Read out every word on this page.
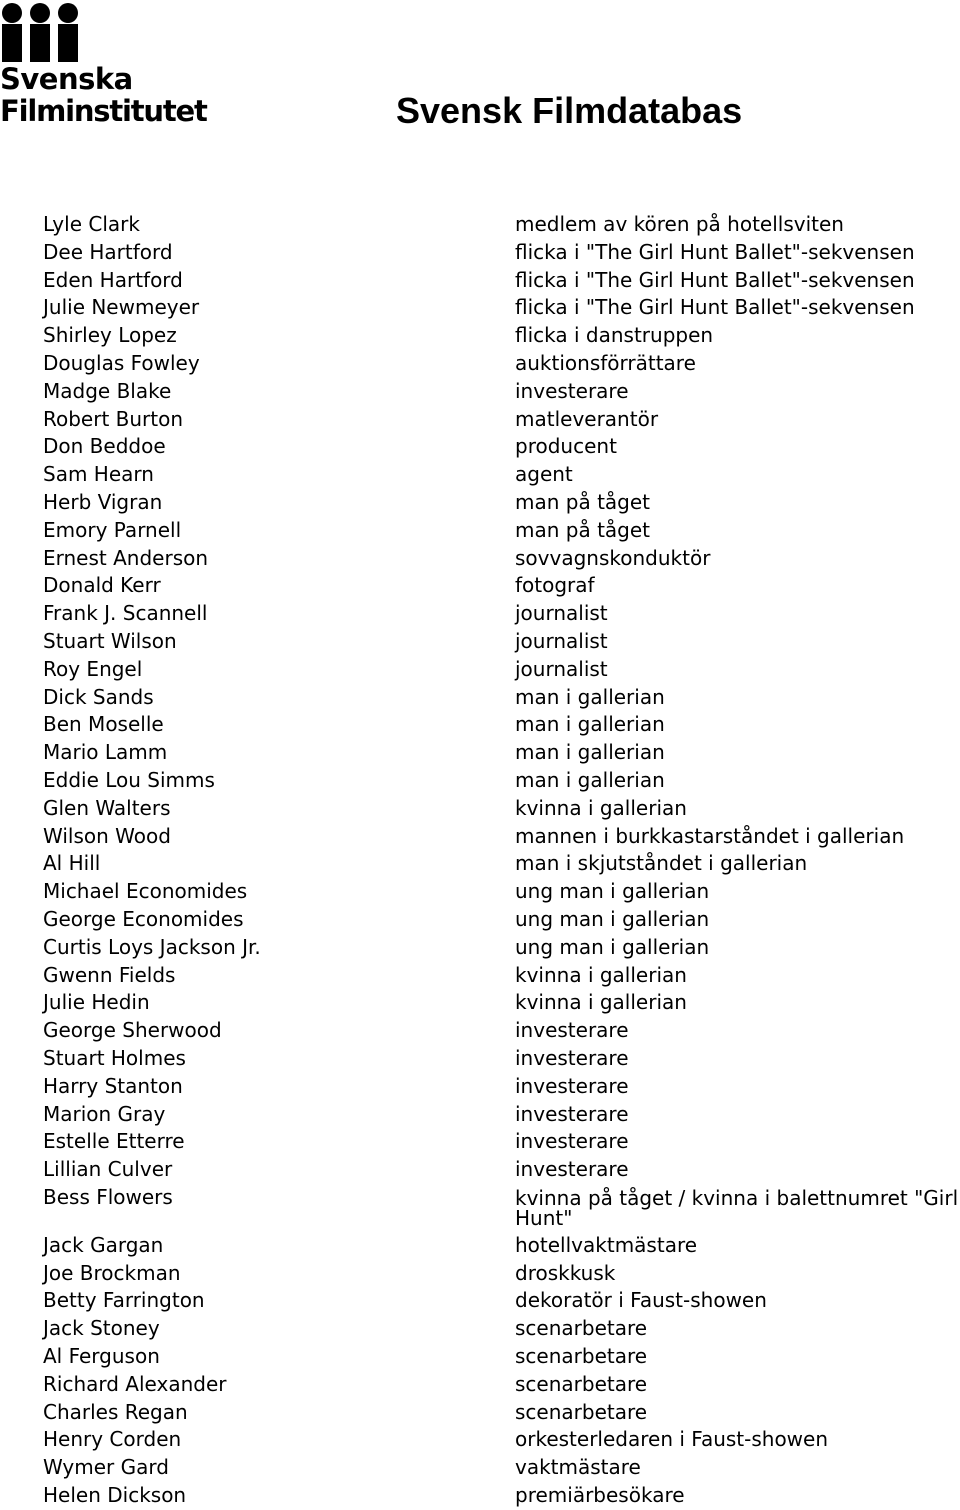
Svenska
Filminstitutet	Svensk Filmdatabas
Lyle Clark	medlem av kören på hotellsviten
Dee Hartford	flicka i "The Girl Hunt Ballet"-sekvensen
Eden Hartford	flicka i "The Girl Hunt Ballet"-sekvensen
Julie Newmeyer	flicka i "The Girl Hunt Ballet"-sekvensen
Shirley Lopez	flicka i danstruppen
Douglas Fowley	auktionsförrättare
Madge Blake	investerare
Robert Burton	matleverantör
Don Beddoe	producent
Sam Hearn	agent
Herb Vigran	man på tåget
Emory Parnell	man på tåget
Ernest Anderson	sovvagnskonduktör
Donald Kerr	fotograf
Frank J. Scannell	journalist
Stuart Wilson	journalist
Roy Engel	journalist
Dick Sands	man i gallerian
Ben Moselle	man i gallerian
Mario Lamm	man i gallerian
Eddie Lou Simms	man i gallerian
Glen Walters	kvinna i gallerian
Wilson Wood	mannen i burkkastarståndet i gallerian
Al Hill	man i skjutståndet i gallerian
Michael Economides	ung man i gallerian
George Economides	ung man i gallerian
Curtis Loys Jackson Jr.	ung man i gallerian
Gwenn Fields	kvinna i gallerian
Julie Hedin	kvinna i gallerian
George Sherwood	investerare
Stuart Holmes	investerare
Harry Stanton	investerare
Marion Gray	investerare
Estelle Etterre	investerare
Lillian Culver	investerare
Bess Flowers	kvinna på tåget / kvinna i balettnumret "Girl Hunt"
Jack Gargan	hotellvaktmästare
Joe Brockman	droskkusk
Betty Farrington	dekoratör i Faust-showen
Jack Stoney	scenarbetare
Al Ferguson	scenarbetare
Richard Alexander	scenarbetare
Charles Regan	scenarbetare
Henry Corden	orkesterledaren i Faust-showen
Wymer Gard	vaktmästare
Helen Dickson	premiärbesökare
